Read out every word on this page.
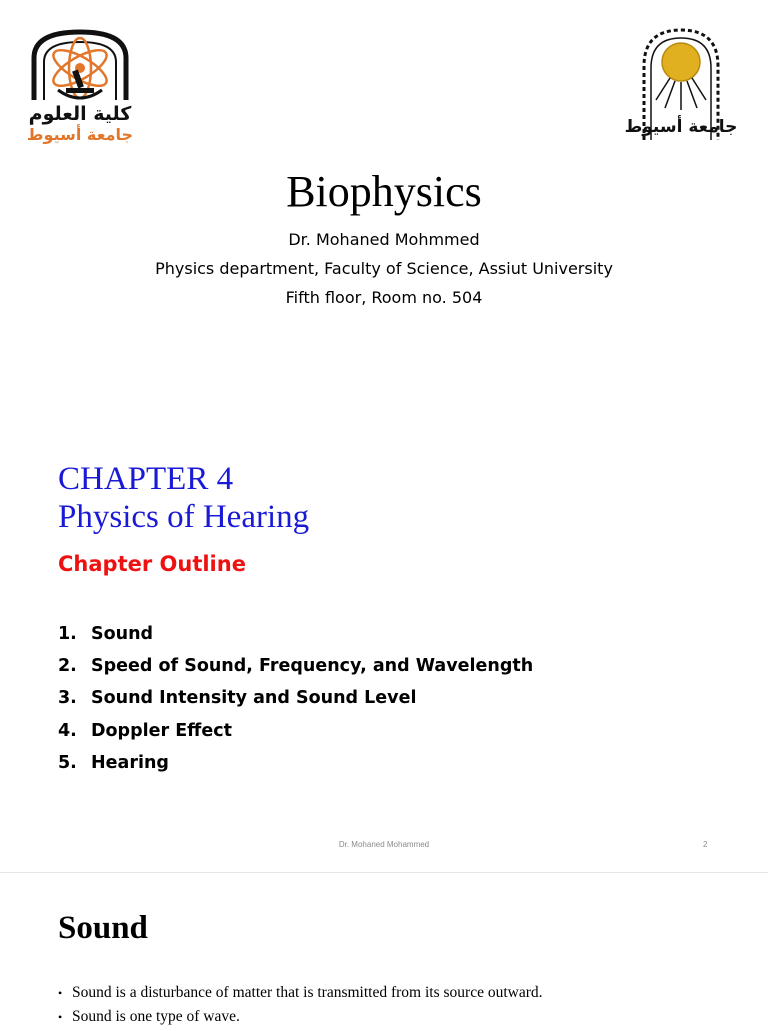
كلية العلوم
جامعة أسيوط	جامعة أسيوط
Biophysics
Dr. Mohaned Mohmmed
Physics department, Faculty of Science, Assiut University
Fifth floor, Room no. 504
CHAPTER 4
Physics of Hearing
Chapter Outline
1. Sound
2. Speed of Sound, Frequency, and Wavelength
3. Sound Intensity and Sound Level
4. Doppler Effect
5. Hearing
Dr. Mohaned Mohammed	2
Sound
• Sound is a disturbance of matter that is transmitted from its source outward.
• Sound is one type of wave.
